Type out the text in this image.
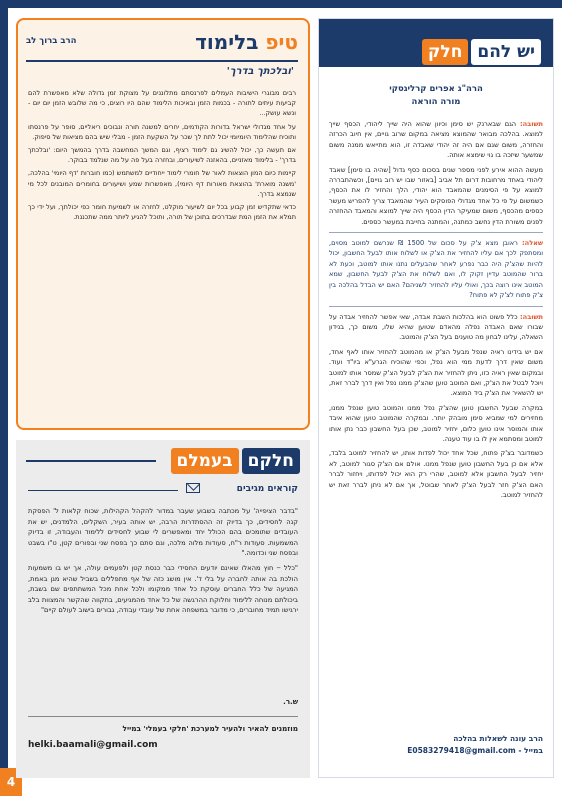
4
יש להם
חלק
הרה"ג אפרים קרליגסקי
מורה הוראה

תשובה: הגם שבארנק יש סימן וכיוון שהוא היה שייך ליהודי, הכסף שייך למוצא. בהלכה מבואר שהמוצא מציאה במקום שרוב גויים, אין חיוב הכרזה והחזרה, משום שגם אם היה זה יהודי שאבדה זו, הוא מתייאש ממנה משום שמשער שיזכה בו גוי שימצא אותה.

מעשה ההוא אירע לפני מספר שנים בסכום כסף גדול [שהיה בו סימן] שאבד ליהודי באחד מרחובות דרום תל אביב [באזור שבו יש רוב גויים], וכשהתבררה למוצא על פי הסימנים שהמאבד הוא יהודי, הלך והחזיר לו את הכסף, כשמשום על פי כל אחד מגדולי הפוסקים העיר שהמאבד צריך להפריש מעשר כספים מהכסף, משום שמעיקר הדין הכסף היה שייך למוצא והמאבד ההחזרה לפנים משורת הדין נחשב כמתנה, והמתנה בחייבת במעשר כספים.

שאלה: ראובן מצא צ'ק על סכום של 1500 ₪ שנרשם למוטב מסוים, ומסתפק לכך אם עליו להחזיר את הצ'ק או לשלוח אותו לבעל החשבון, יכול להיות שהצ'ק היה כבר נפרע לאחר שהבעלים נתנו אותו למוטב, וכעת לא ברור שהמוטב עדיין זקוק לו, ואם לשלוח את הצ'ק לבעל החשבון, שמא המוטב אינו רוצה בכך, ואולי עליו להחזיר לשניהם? האם יש הבדל בהלכה בין צ'ק פתוח לצ'ק לא פתוח?

תשובה: כלל פשוט הוא בהלכות השבת אבדה, שאי אפשר להחזיר אבדה על שבורו שאם האבדה נפלה מהאדם שטוען שהיא שלו, משום כך, בנידון השאלה, עלינו לבחון מה טוענים בעל הצ'ק והמוטב.

אם יש בידינו ראיה שנפל מבעל הצ'ק או מהמוטב להחזיר אותו לאף אחד, משום שאין דרך לדעת ממי הוא נפל, וכפי שהוכיח הגרע"א ביו"ד ועוד. ובמקום שאין ראיה כזו, ניתן להחזיר את הצ'ק לבעל הצ'ק שמסר אותו למוטב ויוכל לבטל את הצ'ק, ואם המוטב טוען שהצ'ק ממנו נפל ואין דרך לברר זאת, יש להשאיר את הצ'ק ביד המוצא.

במקרה שבעל החשבון טוען שהצ'ק נפל ממנו והמוטב טוען שנפל ממנו, מחזירים למי שמביא סימן מובהק יותר. ובמקרה שהמוטב טוען שהוא איבד אותו והמוסר אינו טוען כלום, יחזיר למוטב, שכן בעל החשבון כבר נתן אותו למוטב ומסתמא אין לו בו עוד טענה.

כשמדובר בצ'ק פתוח, שכל אחד יכול לפדות אותו, יש להחזיר למוטב בלבד, אלא אם כן בעל החשבון טוען שנפל ממנו. אולם אם הצ'ק סגור למוטב, לא יחזיר לבעל החשבון אלא למוטב, שהרי רק הוא יכול לפדותו, ויחזור לברר האם הצ'ק חזר לבעל הצ'ק לאחר שבוטל, אך אם לא ניתן לברר זאת יש להחזיר למוטב.

הרב עונה לשאלות בהלכה
במייל - E0583279418@gmail.com
טיפ בלימוד
הרב ברוך לב
'ובלכתך בדרך'

רבים מבוגרי הישיבות העמלים לפרנסתם מתלוננים על מצוקת זמן גדולה שלא מאפשרת להם קביעות עיתים לתורה - בכמות הזמן ובאיכות הלימוד שהם היו רוצים, כי מה שלובש הזמן יום יום - ונשא עושק...

על אחד מגדולי ישראל בדורות הקודמים, יחרים למשנה תורה ונבוכים ריאליים, סופר על פרנסתו ותוכיח שהלימוד היומיומי יכול לתת לך שכר על השקעת הזמן - מבלי שיש בהם מציאות של סיפוק.

אם תעשה כך, יכול להשיג גם לימוד רציף, וגם המשך המחשבה בדרך בהמשך היום: 'ובלכתך בדרך' - בלימוד מאזניים, בהאזנה לשיעורים, ובחזרה בעל פה על מה שנלמד בבוקר.

קיימות כיום המון הוצאות לאור של חומרי לימוד ייחודיים למשתמש (כמו חוברות 'דף היומי' בהלכה, 'משנה מוארת' בהוצאת מאורות דף היומי), מאפשרות שמע ושיעורים בחומרים המובנים לכל מי שנמצא בדרך.

כדאי שתקדיש זמן קבוע בכל יום לשיעור מוקלט, לחזרה או לשמיעת חומר כפי יכולתך, ועל ידי כך תמלא את הזמן המת שבדרכים בתוכן של תורה, ותוכל להגיע ליותר ממה שתכננת.

חלקם
בעמלם
קוראים מגיבים

"בדבר הציפייה' על מכתבה בשבוע שעבר במדור להקהל הקהילות, שכוח קלאות ל' הפסקת קנה לחסידים, כך בדיוק זה ההסתדרות הרבה, יש אותה בעיר, השקלים, הלמדנים, יש את העובדים שתומכים בהם הכולל יחד ומאפשרים לי שבוע לחסידים ללימוד והעבודה, זו בדיוק המשמעות. סעודות ר"ח, סעודות מלוה מלכה, וגם סתם כך בפסח שני ובפורים קטן, ט"ו בשבט ובפסח שני וכדומה."

"כלל ‒ חוץ מהאלו שאינם יודעים החסידי כבר כנסת קטן ולפעמים עולה, אך יש בו משמעות הולכת בה אותה לחברה על בלי ד'. אין מושג כזה של אף מתפללים בשביל שהיא מגן באמת, המגיעה של כלל החברים עוסקת כל אחד ממקומו ולכל אחת מכל המשתתפים שם בשבת, ביכולתם מנוחה ללימוד וחלוקת ההרגשה של כל אחד מהמגיעים, בתקווה שהקשר והמצוות בלב ירגישו תמיד מחוברים, כי מדובר במשפחה אחת של עובדי עבודה, גבורים בישוב לעולם קיים"

ש.ר.
מוזמנים להאיר ולהעיר למערכת 'חלקי בעמלי' במייל
helki.baamali@gmail.com
